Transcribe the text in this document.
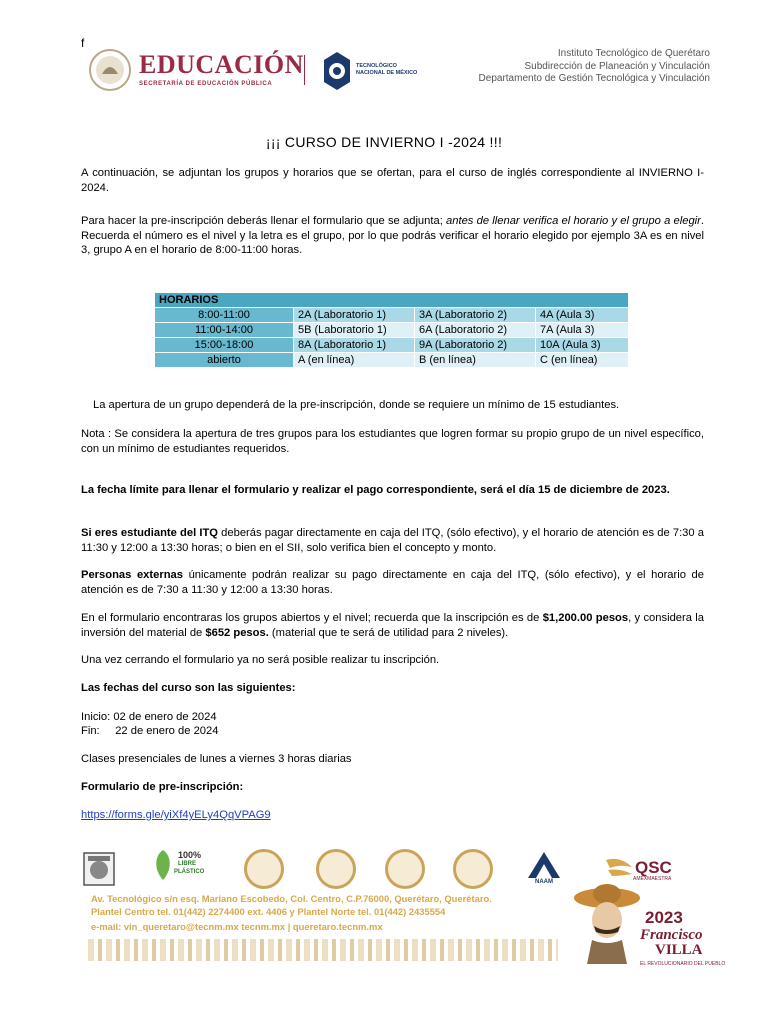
f
EDUCACIÓN
SECRETARÍA DE EDUCACIÓN PÚBLICA
TECNOLÓGICO
NACIONAL DE MÉXICO
Instituto Tecnológico de Querétaro
Subdirección de Planeación y Vinculación
Departamento de Gestión Tecnológica y Vinculación
¡¡¡ CURSO DE INVIERNO I -2024 !!!
A continuación, se adjuntan los grupos y horarios que se ofertan, para el curso de inglés correspondiente al INVIERNO I-2024.
Para hacer la pre-inscripción deberás llenar el formulario que se adjunta; antes de llenar verifica el horario y el grupo a elegir. Recuerda el número es el nivel y la letra es el grupo, por lo que podrás verificar el horario elegido por ejemplo 3A es en nivel 3, grupo A en el horario de 8:00-11:00 horas.
HORARIOS			
8:00-11:00	2A (Laboratorio 1)	3A (Laboratorio 2)	4A (Aula 3)
11:00-14:00	5B (Laboratorio 1)	6A (Laboratorio 2)	7A (Aula 3)
15:00-18:00	8A (Laboratorio 1)	9A (Laboratorio 2)	10A (Aula 3)
abierto	A (en línea)	B (en línea)	C (en línea)
La apertura de un grupo dependerá de la pre-inscripción, donde se requiere un mínimo de 15 estudiantes.
Nota : Se considera la apertura de tres grupos para los estudiantes que logren formar su propio grupo de un nivel específico, con un mínimo de estudiantes requeridos.
La fecha límite para llenar el formulario y realizar el pago correspondiente, será el día 15 de diciembre de 2023.
Si eres estudiante del ITQ deberás pagar directamente en caja del ITQ, (sólo efectivo), y el horario de atención es de 7:30 a 11:30 y 12:00 a 13:30 horas; o bien en el SII, solo verifica bien el concepto y monto.
Personas externas únicamente podrán realizar su pago directamente en caja del ITQ, (sólo efectivo), y el horario de atención es de 7:30 a 11:30 y 12:00 a 13:30 horas.
En el formulario encontraras los grupos abiertos y el nivel; recuerda que la inscripción es de $1,200.00 pesos, y considera la inversión del material de $652 pesos. (material que te será de utilidad para 2 niveles).
Una vez cerrando el formulario ya no será posible realizar tu inscripción.
Las fechas del curso son las siguientes:
Inicio: 02 de enero de 2024
Fin:     22 de enero de 2024
Clases presenciales de lunes a viernes 3 horas diarias
Formulario de pre-inscripción:
https://forms.gle/yiXf4yELy4QqVPAG9
100%
LIBRE
PLÁSTICO
NAAM
QSC
AMEXMAESTRA
Av. Tecnológico s/n esq. Mariano Escobedo, Col. Centro, C.P.76000, Querétaro, Querétaro.
Plantel Centro tel. 01(442) 2274400 ext. 4406 y Plantel Norte tel. 01(442) 2435554
e-mail: vin_queretaro@tecnm.mx tecnm.mx | queretaro.tecnm.mx	2023
Francisco
VILLA
EL REVOLUCIONARIO DEL PUEBLO
